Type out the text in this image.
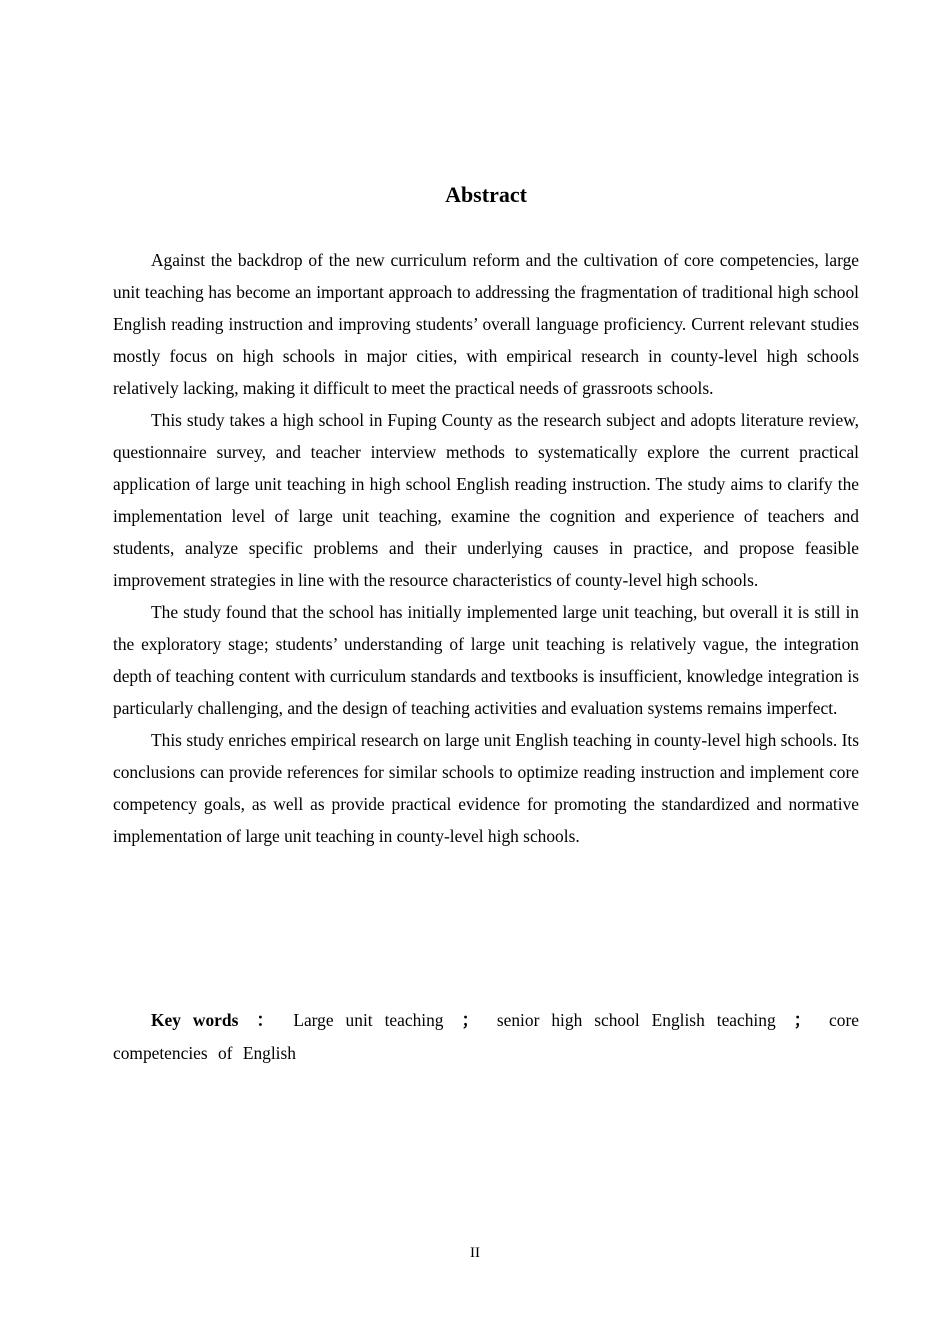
Abstract

Against the backdrop of the new curriculum reform and the cultivation of core competencies, large unit teaching has become an important approach to addressing the fragmentation of traditional high school English reading instruction and improving students’ overall language proficiency. Current relevant studies mostly focus on high schools in major cities, with empirical research in county-level high schools relatively lacking, making it difficult to meet the practical needs of grassroots schools.

This study takes a high school in Fuping County as the research subject and adopts literature review, questionnaire survey, and teacher interview methods to systematically explore the current practical application of large unit teaching in high school English reading instruction. The study aims to clarify the implementation level of large unit teaching, examine the cognition and experience of teachers and students, analyze specific problems and their underlying causes in practice, and propose feasible improvement strategies in line with the resource characteristics of county-level high schools.

The study found that the school has initially implemented large unit teaching, but overall it is still in the exploratory stage; students’ understanding of large unit teaching is relatively vague, the integration depth of teaching content with curriculum standards and textbooks is insufficient, knowledge integration is particularly challenging, and the design of teaching activities and evaluation systems remains imperfect.

This study enriches empirical research on large unit English teaching in county-level high schools. Its conclusions can provide references for similar schools to optimize reading instruction and implement core competency goals, as well as provide practical evidence for promoting the standardized and normative implementation of large unit teaching in county-level high schools.

Key words ： Large unit teaching ； senior high school English teaching ； core competencies of English

II
